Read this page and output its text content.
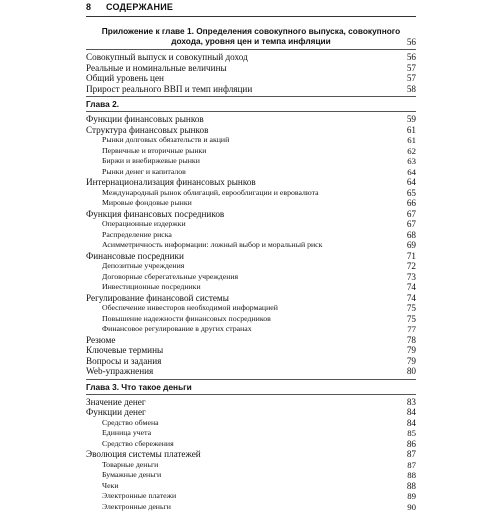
8 СОДЕРЖАНИЕ
Приложение к главе 1. Определения совокупного выпуска, совокупного
дохода, уровня цен и темпа инфляции	56
Совокупный выпуск и совокупный доход	56
Реальные и номинальные величины	57
Общий уровень цен	57
Прирост реального ВВП и темп инфляции	58
Глава 2.
Функции финансовых рынков	59
Структура финансовых рынков	61
Рынки долговых обязательств и акций	61
Первичные и вторичные рынки	62
Биржи и внебиржевые рынки	63
Рынки денег и капиталов	64
Интернационализация финансовых рынков	64
Международный рынок облигаций, еврооблигации и евровалюта	65
Мировые фондовые рынки	66
Функция финансовых посредников	67
Операционные издержки	67
Распределение риска	68
Асимметричность информации: ложный выбор и моральный риск	69
Финансовые посредники	71
Депозитные учреждения	72
Договорные сберегательные учреждения	73
Инвестиционные посредники	74
Регулирование финансовой системы	74
Обеспечение инвесторов необходимой информацией	75
Повышение надежности финансовых посредников	75
Финансовое регулирование в других странах	77
Резюме	78
Ключевые термины	79
Вопросы и задания	79
Web-упражнения	80
Глава 3. Что такое деньги
Значение денег	83
Функции денег	84
Средство обмена	84
Единица учета	85
Средство сбережения	86
Эволюция системы платежей	87
Товарные деньги	87
Бумажные деньги	88
Чеки	88
Электронные платежи	89
Электронные деньги	90
